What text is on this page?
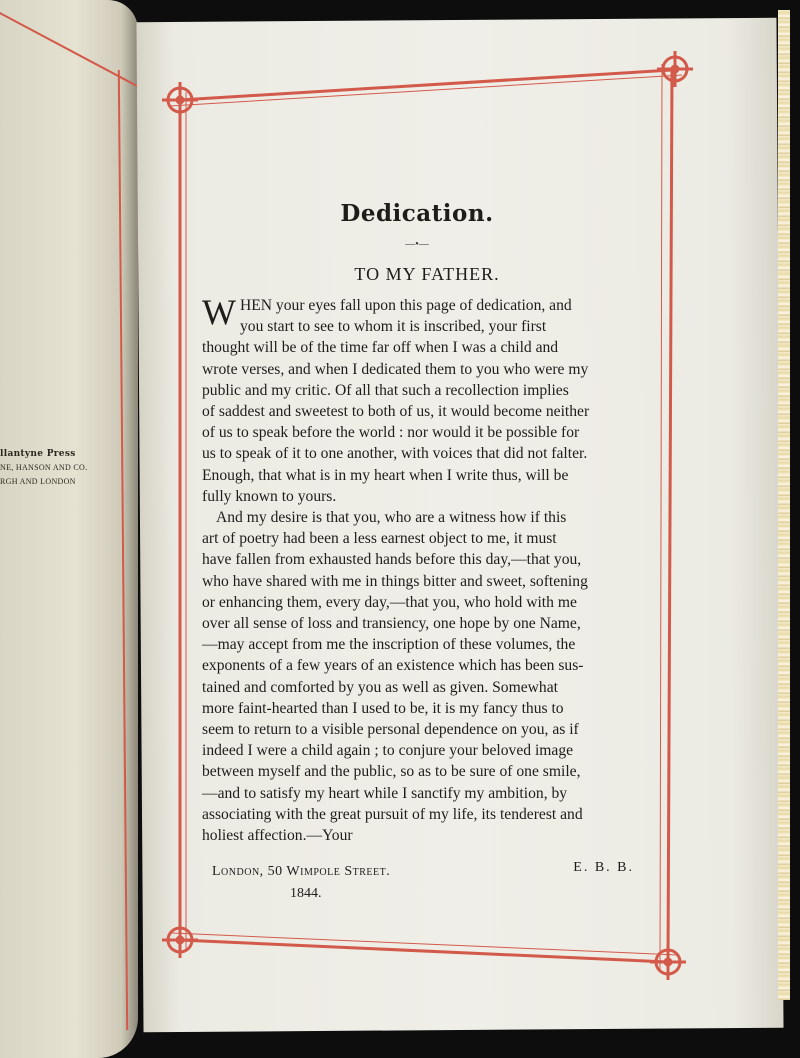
llantyne Press
NE, HANSON AND CO.
RGH AND LONDON
Dedication.
—•—
TO MY FATHER.

W HEN your eyes fall upon this page of dedication, and
you start to see to whom it is inscribed, your first
thought will be of the time far off when I was a child and
wrote verses, and when I dedicated them to you who were my
public and my critic. Of all that such a recollection implies
of saddest and sweetest to both of us, it would become neither
of us to speak before the world : nor would it be possible for
us to speak of it to one another, with voices that did not falter.
Enough, that what is in my heart when I write thus, will be
fully known to yours.

And my desire is that you, who are a witness how if this
art of poetry had been a less earnest object to me, it must
have fallen from exhausted hands before this day,—that you,
who have shared with me in things bitter and sweet, softening
or enhancing them, every day,—that you, who hold with me
over all sense of loss and transiency, one hope by one Name,
—may accept from me the inscription of these volumes, the
exponents of a few years of an existence which has been sus-
tained and comforted by you as well as given. Somewhat
more faint-hearted than I used to be, it is my fancy thus to
seem to return to a visible personal dependence on you, as if
indeed I were a child again ; to conjure your beloved image
between myself and the public, so as to be sure of one smile,
—and to satisfy my heart while I sanctify my ambition, by
associating with the great pursuit of my life, its tenderest and
holiest affection.—Your

London, 50 Wimpole Street.
1844.
E. B. B.
